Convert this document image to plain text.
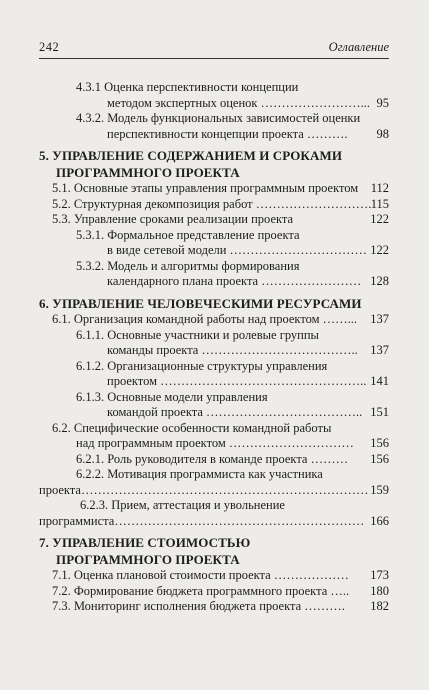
242	Оглавление
4.3.1 Оценка перспективности концепции
методом экспертных оценок ……………………... 95
4.3.2. Модель функциональных зависимостей оценки
перспективности концепции проекта ………. 98
5. УПРАВЛЕНИЕ СОДЕРЖАНИЕМ И СРОКАМИ
ПРОГРАММНОГО ПРОЕКТА
5.1. Основные этапы управления программным проектом 112
5.2. Структурная декомпозиция работ ………………………. 115
5.3. Управление сроками реализации проекта	122
5.3.1. Формальное представление проекта
в виде сетевой модели …………………………… 122
5.3.2. Модель и алгоритмы формирования
календарного плана проекта …………………… 128
6. УПРАВЛЕНИЕ ЧЕЛОВЕЧЕСКИМИ РЕСУРСАМИ
6.1. Организация командной работы над проектом ……... 137
6.1.1. Основные участники и ролевые группы
команды проекта ……………………………….. 137
6.1.2. Организационные структуры управления
проектом ………………………………………….. 141
6.1.3. Основные модели управления
командой проекта ……………………………….. 151
6.2. Специфические особенности командной работы
над программным проектом ………………………… 156
6.2.1. Роль руководителя в команде проекта ……… 156
6.2.2. Мотивация программиста как участника
проекта…………………………………………………………… 159
6.2.3. Прием, аттестация и увольнение
программиста…………………………………………………… 166
7. УПРАВЛЕНИЕ СТОИМОСТЬЮ
ПРОГРАММНОГО ПРОЕКТА
7.1. Оценка плановой стоимости проекта ……………… 173
7.2. Формирование бюджета программного проекта ….. 180
7.3. Мониторинг исполнения бюджета проекта ………. 182
